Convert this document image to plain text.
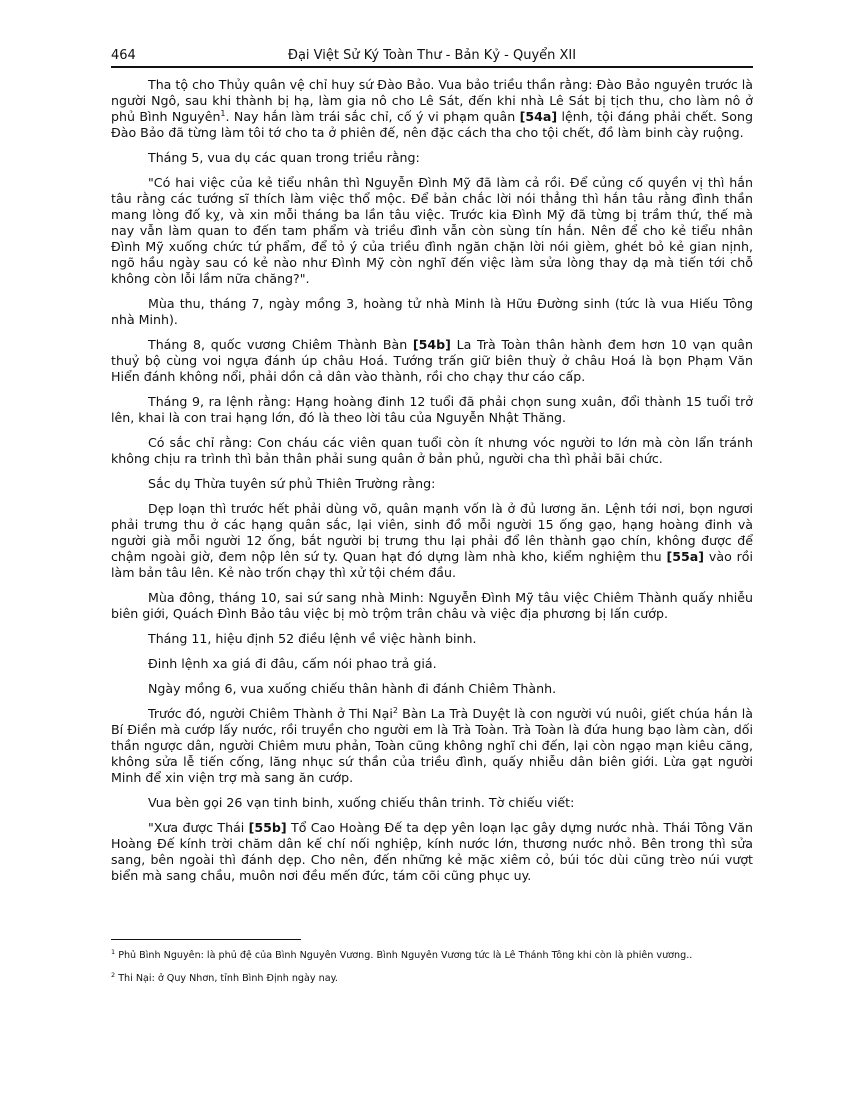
464	Đại Việt Sử Ký Toàn Thư - Bản Kỷ - Quyển XII

Tha tộ cho Thủy quân vệ chỉ huy sứ Đào Bảo. Vua bảo triều thần rằng: Đào Bảo nguyên trước là người Ngô, sau khi thành bị hạ, làm gia nô cho Lê Sát, đến khi nhà Lê Sát bị tịch thu, cho làm nô ở phủ Bình Nguyên$^1$. Nay hắn làm trái sắc chỉ, cố ý vi phạm quân [54a] lệnh, tội đáng phải chết. Song Đào Bảo đã từng làm tôi tớ cho ta ở phiên đế, nên đặc cách tha cho tội chết, đồ làm binh cày ruộng.

Tháng 5, vua dụ các quan trong triều rằng:

"Có hai việc của kẻ tiểu nhân thì Nguyễn Đình Mỹ đã làm cả rồi. Để củng cố quyền vị thì hắn tâu rằng các tướng sĩ thích làm việc thổ mộc. Để bản chắc lời nói thẳng thì hắn tâu rằng đình thần mang lòng đố kỵ, và xin mỗi tháng ba lần tâu việc. Trước kia Đình Mỹ đã từng bị trầm thứ, thế mà nay vẫn làm quan to đến tam phẩm và triều đình vẫn còn sùng tín hắn. Nên để cho kẻ tiểu nhân Đình Mỹ xuống chức tứ phẩm, để tỏ ý của triều đình ngăn chặn lời nói gièm, ghét bỏ kẻ gian nịnh, ngõ hầu ngày sau có kẻ nào như Đình Mỹ còn nghĩ đến việc làm sửa lòng thay dạ mà tiến tới chỗ không còn lỗi lầm nữa chăng?".

Mùa thu, tháng 7, ngày mồng 3, hoàng tử nhà Minh là Hữu Đường sinh (tức là vua Hiếu Tông nhà Minh).

Tháng 8, quốc vương Chiêm Thành Bàn [54b] La Trà Toàn thân hành đem hơn 10 vạn quân thuỷ bộ cùng voi ngựa đánh úp châu Hoá. Tướng trấn giữ biên thuỳ ở châu Hoá là bọn Phạm Văn Hiển đánh không nổi, phải dồn cả dân vào thành, rồi cho chạy thư cáo cấp.

Tháng 9, ra lệnh rằng: Hạng hoàng đinh 12 tuổi đã phải chọn sung xuân, đổi thành 15 tuổi trở lên, khai là con trai hạng lớn, đó là theo lời tâu của Nguyễn Nhật Thăng.

Có sắc chỉ rằng: Con cháu các viên quan tuổi còn ít nhưng vóc người to lớn mà còn lẩn tránh không chịu ra trình thì bản thân phải sung quân ở bản phủ, người cha thì phải bãi chức.

Sắc dụ Thừa tuyên sứ phủ Thiên Trường rằng:

Dẹp loạn thì trước hết phải dùng võ, quân mạnh vốn là ở đủ lương ăn. Lệnh tới nơi, bọn ngươi phải trưng thu ở các hạng quân sắc, lại viên, sinh đồ mỗi người 15 ống gạo, hạng hoàng đinh và người già mỗi người 12 ống, bắt người bị trưng thu lại phải đổ lên thành gạo chín, không được để chậm ngoài giờ, đem nộp lên sứ ty. Quan hạt đó dựng làm nhà kho, kiểm nghiệm thu [55a] vào rồi làm bản tâu lên. Kẻ nào trốn chạy thì xử tội chém đầu.

Mùa đông, tháng 10, sai sứ sang nhà Minh: Nguyễn Đình Mỹ tâu việc Chiêm Thành quấy nhiễu biên giới, Quách Đình Bảo tâu việc bị mò trộm trân châu và việc địa phương bị lấn cướp.

Tháng 11, hiệu định 52 điều lệnh về việc hành binh.

Đinh lệnh xa giá đi đâu, cấm nói phao trả giá.

Ngày mồng 6, vua xuống chiếu thân hành đi đánh Chiêm Thành.

Trước đó, người Chiêm Thành ở Thi Nại$^2$ Bàn La Trà Duyệt là con người vú nuôi, giết chúa hắn là Bí Điền mà cướp lấy nước, rồi truyền cho người em là Trà Toàn. Trà Toàn là đứa hung bạo làm càn, dối thần ngược dân, người Chiêm mưu phản, Toàn cũng không nghĩ chi đến, lại còn ngạo mạn kiêu căng, không sửa lễ tiến cống, lăng nhục sứ thần của triều đình, quấy nhiễu dân biên giới. Lừa gạt người Minh để xin viện trợ mà sang ăn cướp.

Vua bèn gọi 26 vạn tinh binh, xuống chiếu thân trinh. Tờ chiếu viết:

"Xưa được Thái [55b] Tổ Cao Hoàng Đế ta dẹp yên loạn lạc gây dựng nước nhà. Thái Tông Văn Hoàng Đế kính trời chăm dân kế chí nối nghiệp, kính nước lớn, thương nước nhỏ. Bên trong thì sửa sang, bên ngoài thì đánh dẹp. Cho nên, đến những kẻ mặc xiêm cỏ, búi tóc dùi cũng trèo núi vượt biển mà sang chầu, muôn nơi đều mến đức, tám cõi cũng phục uy.

$^1$ Phủ Bình Nguyên: là phủ đệ của Bình Nguyên Vương. Bình Nguyên Vương tức là Lê Thánh Tông khi còn là phiên vương..

$^2$ Thi Nại: ở Quy Nhơn, tỉnh Bình Định ngày nay.
